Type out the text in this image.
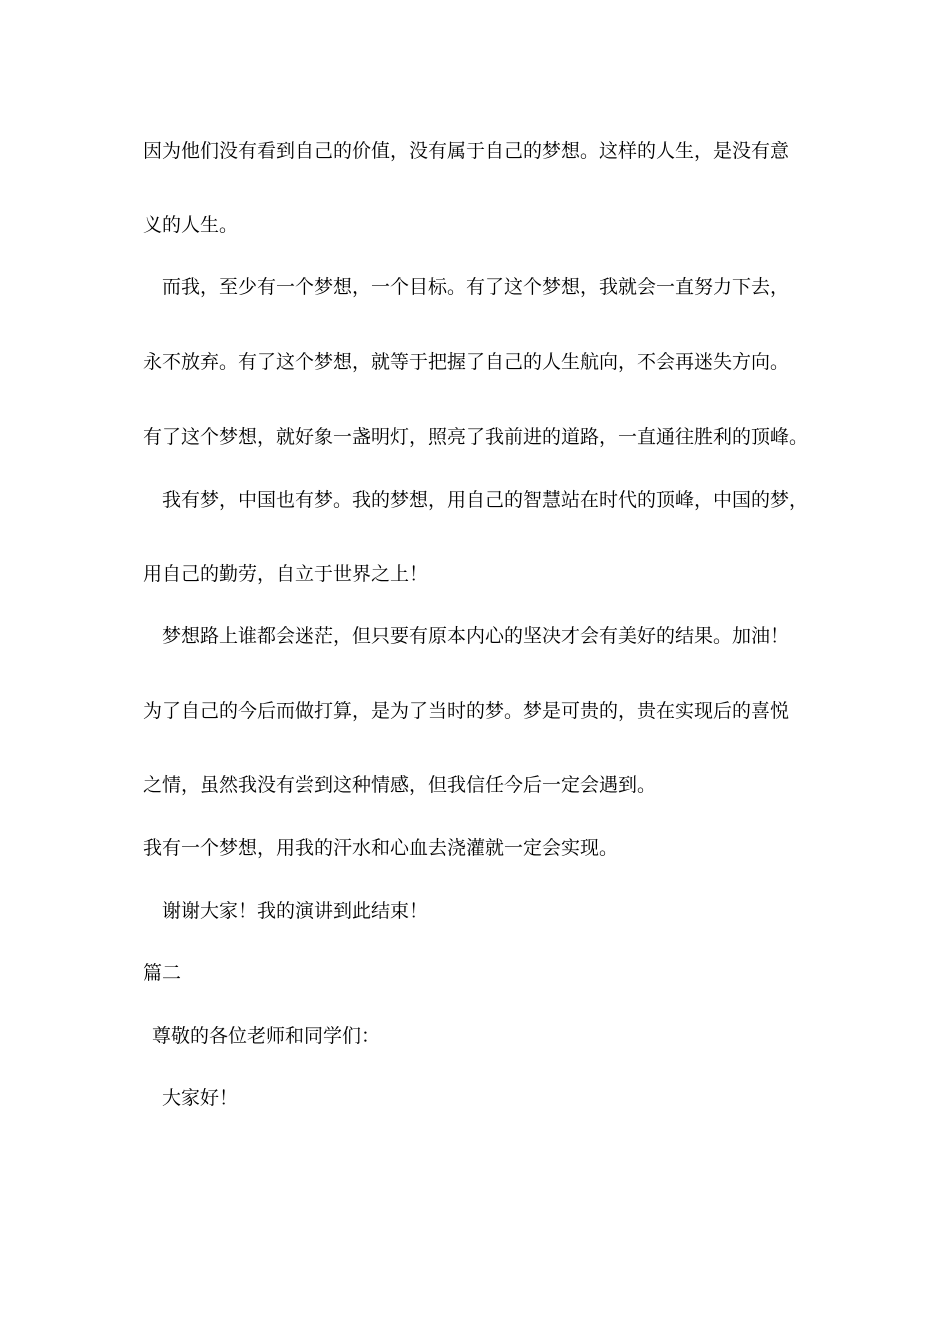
因为他们没有看到自己的价值，没有属于自己的梦想。这样的人生，是没有意
义的人生。
而我，至少有一个梦想，一个目标。有了这个梦想，我就会一直努力下去，
永不放弃。有了这个梦想，就等于把握了自己的人生航向，不会再迷失方向。
有了这个梦想，就好象一盏明灯，照亮了我前进的道路，一直通往胜利的顶峰。
我有梦，中国也有梦。我的梦想，用自己的智慧站在时代的顶峰，中国的梦，
用自己的勤劳，自立于世界之上！
梦想路上谁都会迷茫，但只要有原本内心的坚决才会有美好的结果。加油！
为了自己的今后而做打算，是为了当时的梦。梦是可贵的，贵在实现后的喜悦
之情，虽然我没有尝到这种情感，但我信任今后一定会遇到。
我有一个梦想，用我的汗水和心血去浇灌就一定会实现。
谢谢大家！我的演讲到此结束！
篇二
尊敬的各位老师和同学们：
大家好！
